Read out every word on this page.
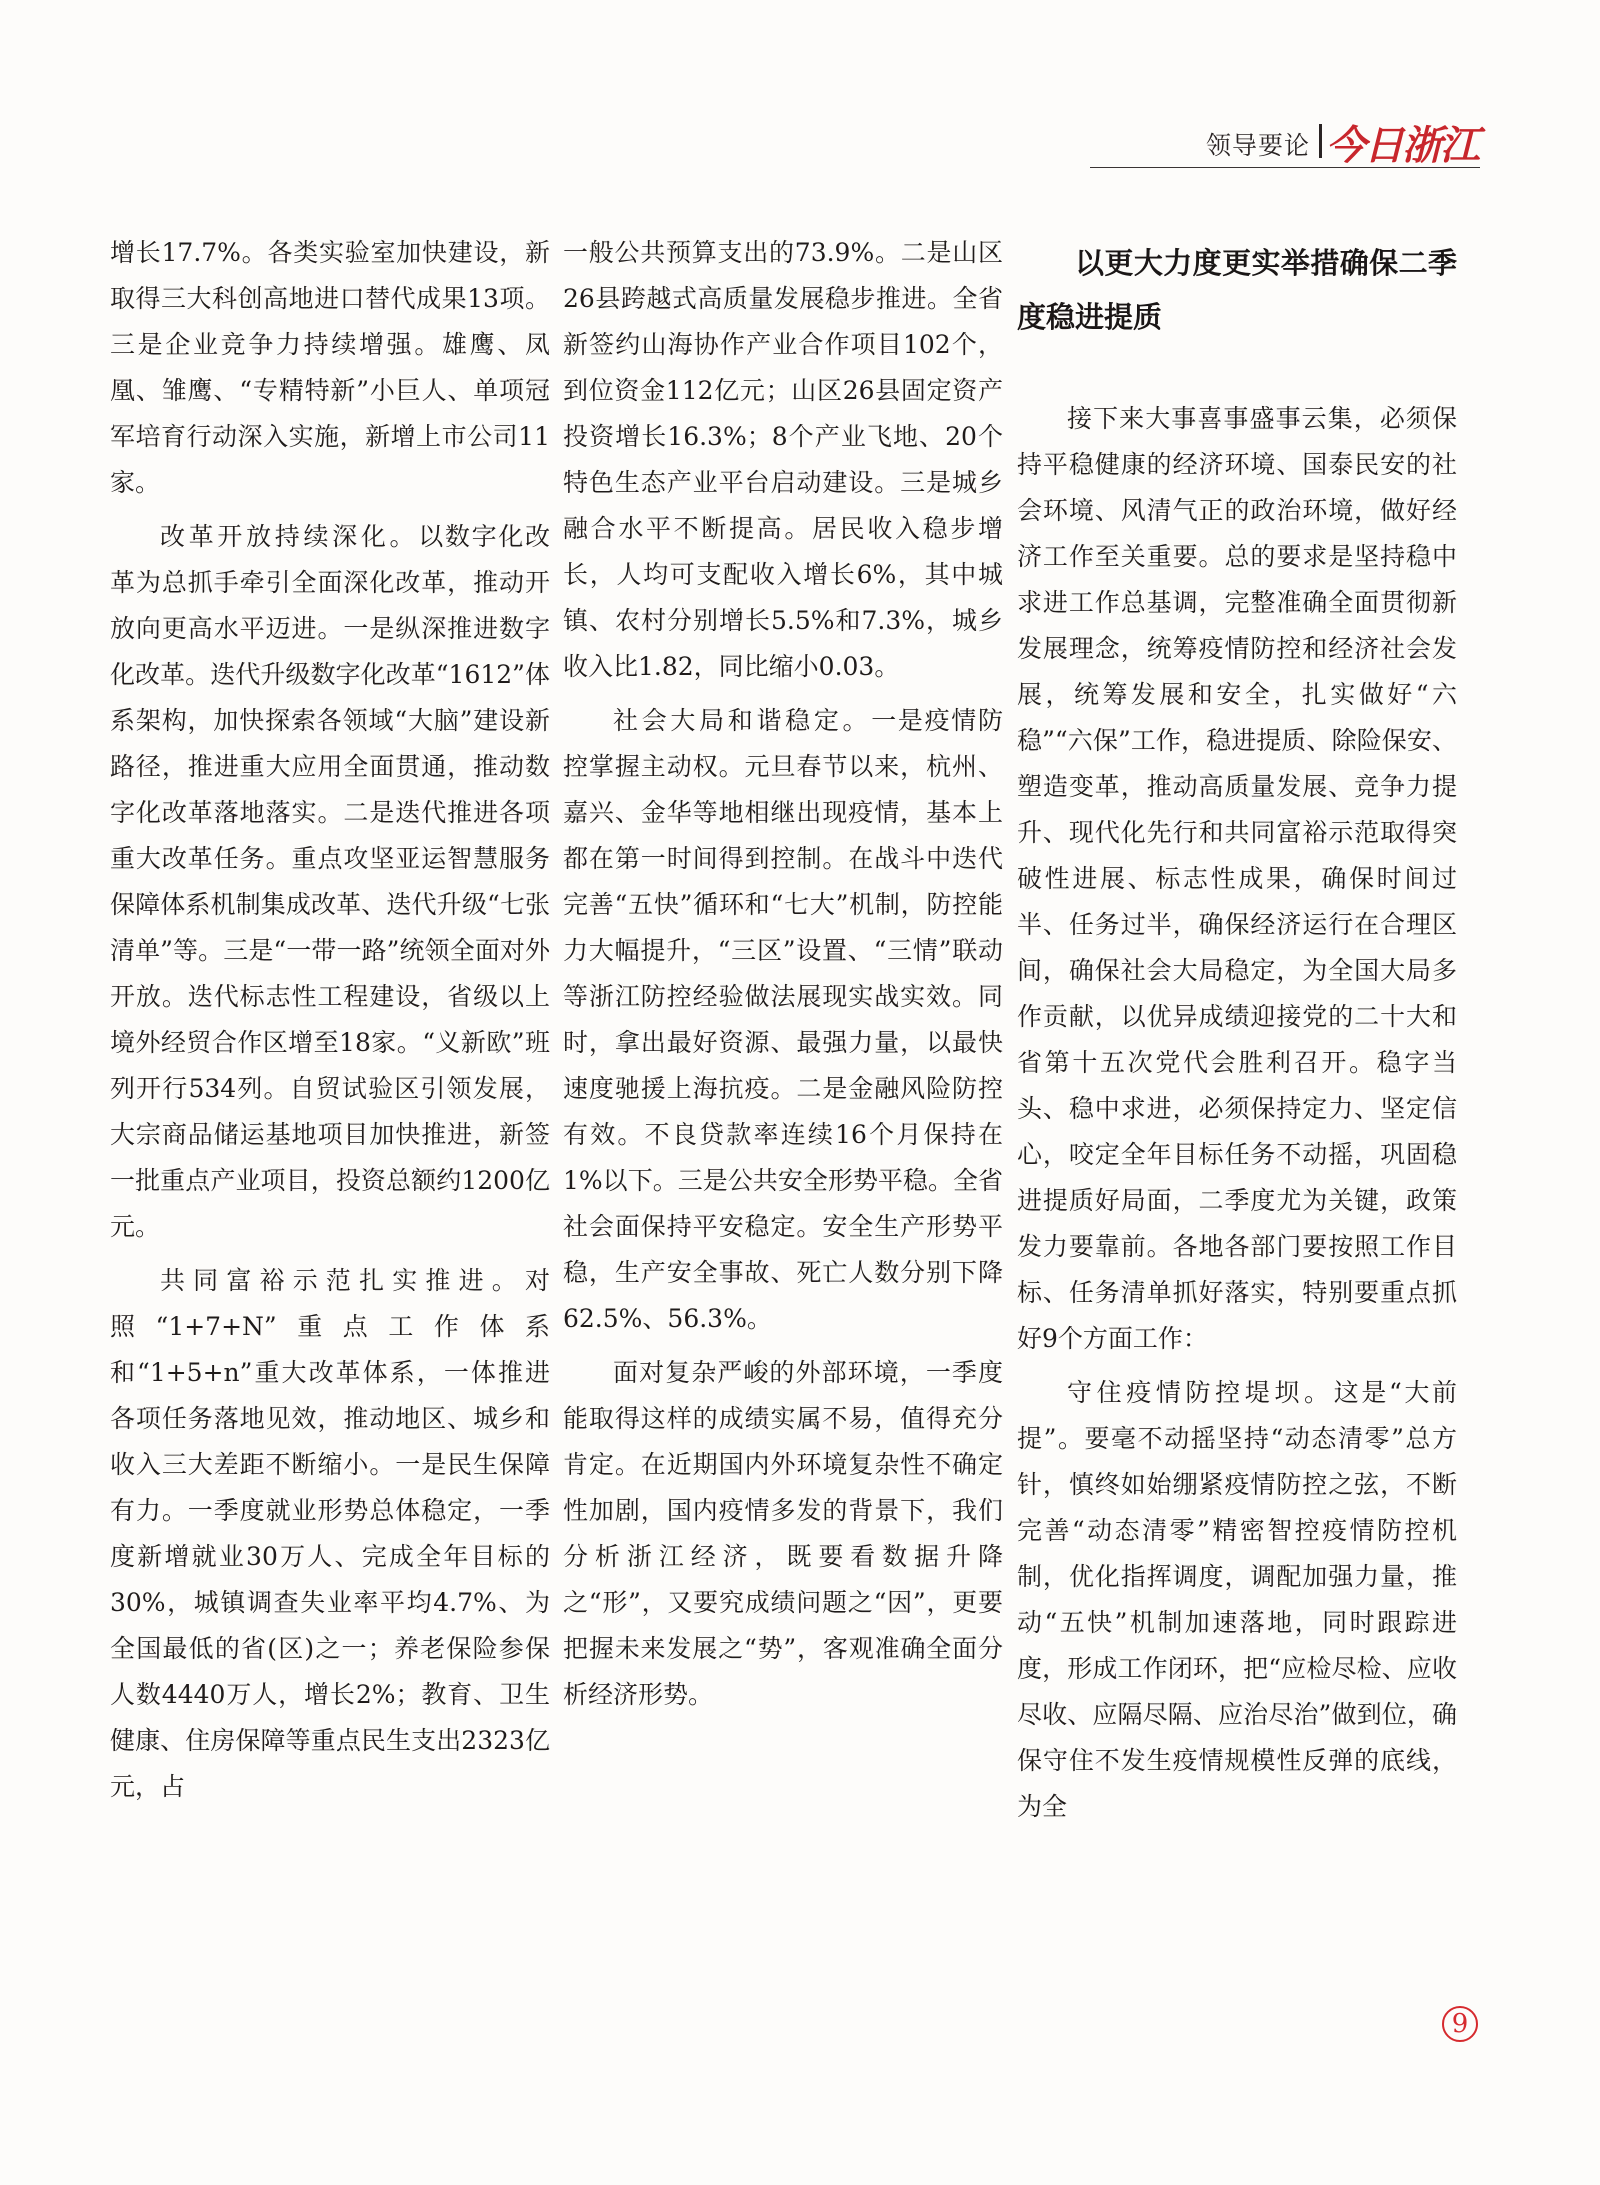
领导要论 今日浙江

增长17.7%。各类实验室加快建设，新取得三大科创高地进口替代成果13项。三是企业竞争力持续增强。雄鹰、凤凰、雏鹰、“专精特新”小巨人、单项冠军培育行动深入实施，新增上市公司11家。

改革开放持续深化。以数字化改革为总抓手牵引全面深化改革，推动开放向更高水平迈进。一是纵深推进数字化改革。迭代升级数字化改革“1612”体系架构，加快探索各领域“大脑”建设新路径，推进重大应用全面贯通，推动数字化改革落地落实。二是迭代推进各项重大改革任务。重点攻坚亚运智慧服务保障体系机制集成改革、迭代升级“七张清单”等。三是“一带一路”统领全面对外开放。迭代标志性工程建设，省级以上境外经贸合作区增至18家。“义新欧”班列开行534列。自贸试验区引领发展，大宗商品储运基地项目加快推进，新签一批重点产业项目，投资总额约1200亿元。

共同富裕示范扎实推进。对照“1+7+N”重点工作体系和“1+5+n”重大改革体系，一体推进各项任务落地见效，推动地区、城乡和收入三大差距不断缩小。一是民生保障有力。一季度就业形势总体稳定，一季度新增就业30万人、完成全年目标的30%，城镇调查失业率平均4.7%、为全国最低的省(区)之一；养老保险参保人数4440万人，增长2%；教育、卫生健康、住房保障等重点民生支出2323亿元，占

一般公共预算支出的73.9%。二是山区26县跨越式高质量发展稳步推进。全省新签约山海协作产业合作项目102个，到位资金112亿元；山区26县固定资产投资增长16.3%；8个产业飞地、20个特色生态产业平台启动建设。三是城乡融合水平不断提高。居民收入稳步增长，人均可支配收入增长6%，其中城镇、农村分别增长5.5%和7.3%，城乡收入比1.82，同比缩小0.03。

社会大局和谐稳定。一是疫情防控掌握主动权。元旦春节以来，杭州、嘉兴、金华等地相继出现疫情，基本上都在第一时间得到控制。在战斗中迭代完善“五快”循环和“七大”机制，防控能力大幅提升，“三区”设置、“三情”联动等浙江防控经验做法展现实战实效。同时，拿出最好资源、最强力量，以最快速度驰援上海抗疫。二是金融风险防控有效。不良贷款率连续16个月保持在1%以下。三是公共安全形势平稳。全省社会面保持平安稳定。安全生产形势平稳，生产安全事故、死亡人数分别下降62.5%、56.3%。

面对复杂严峻的外部环境，一季度能取得这样的成绩实属不易，值得充分肯定。在近期国内外环境复杂性不确定性加剧，国内疫情多发的背景下，我们分析浙江经济，既要看数据升降之“形”，又要究成绩问题之“因”，更要把握未来发展之“势”，客观准确全面分析经济形势。

以更大力度更实举措确保二季度稳进提质

接下来大事喜事盛事云集，必须保持平稳健康的经济环境、国泰民安的社会环境、风清气正的政治环境，做好经济工作至关重要。总的要求是坚持稳中求进工作总基调，完整准确全面贯彻新发展理念，统筹疫情防控和经济社会发展，统筹发展和安全，扎实做好“六稳”“六保”工作，稳进提质、除险保安、塑造变革，推动高质量发展、竞争力提升、现代化先行和共同富裕示范取得突破性进展、标志性成果，确保时间过半、任务过半，确保经济运行在合理区间，确保社会大局稳定，为全国大局多作贡献，以优异成绩迎接党的二十大和省第十五次党代会胜利召开。稳字当头、稳中求进，必须保持定力、坚定信心，咬定全年目标任务不动摇，巩固稳进提质好局面，二季度尤为关键，政策发力要靠前。各地各部门要按照工作目标、任务清单抓好落实，特别要重点抓好9个方面工作：

守住疫情防控堤坝。这是“大前提”。要毫不动摇坚持“动态清零”总方针，慎终如始绷紧疫情防控之弦，不断完善“动态清零”精密智控疫情防控机制，优化指挥调度，调配加强力量，推动“五快”机制加速落地，同时跟踪进度，形成工作闭环，把“应检尽检、应收尽收、应隔尽隔、应治尽治”做到位，确保守住不发生疫情规模性反弹的底线，为全

9
